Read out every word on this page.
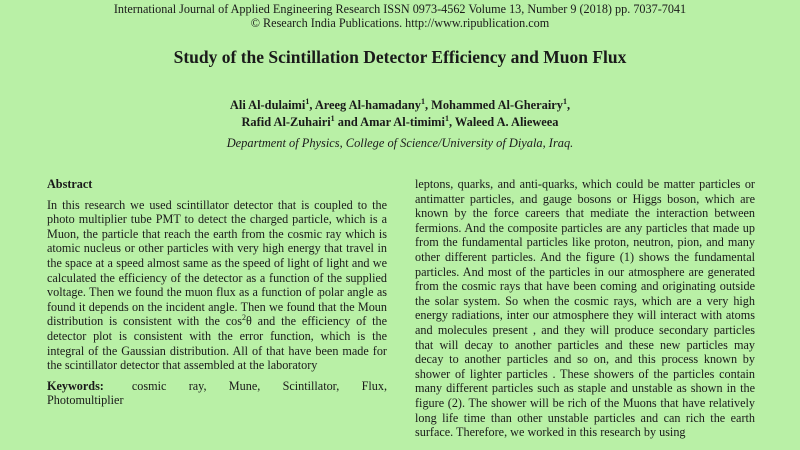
International Journal of Applied Engineering Research ISSN 0973-4562 Volume 13, Number 9 (2018) pp. 7037-7041
© Research India Publications. http://www.ripublication.com
Study of the Scintillation Detector Efficiency and Muon Flux
Ali Al-dulaimi$^1$, Areeg Al-hamadany$^1$, Mohammed Al-Gherairy$^1$,
Rafid Al-Zuhairi$^1$ and Amar Al-timimi$^1$, Waleed A. Alieweea
Department of Physics, College of Science/University of Diyala, Iraq.
Abstract
In this research we used scintillator detector that is coupled to the photo multiplier tube PMT to detect the charged particle, which is a Muon, the particle that reach the earth from the cosmic ray which is atomic nucleus or other particles with very high energy that travel in the space at a speed almost same as the speed of light of light and we calculated the efficiency of the detector as a function of the supplied voltage. Then we found the muon flux as a function of polar angle as found it depends on the incident angle. Then we found that the Moun distribution is consistent with the $\cos^2\theta$ and the efficiency of the detector plot is consistent with the error function, which is the integral of the Gaussian distribution. All of that have been made for the scintillator detector that assembled at the laboratory
Keywords: cosmic ray, Mune, Scintillator, Flux, Photomultiplier
leptons, quarks, and anti-quarks, which could be matter particles or antimatter particles, and gauge bosons or Higgs boson, which are known by the force careers that mediate the interaction between fermions. And the composite particles are any particles that made up from the fundamental particles like proton, neutron, pion, and many other different particles. And the figure (1) shows the fundamental particles. And most of the particles in our atmosphere are generated from the cosmic rays that have been coming and originating outside the solar system. So when the cosmic rays, which are a very high energy radiations, inter our atmosphere they will interact with atoms and molecules present , and they will produce secondary particles that will decay to another particles and these new particles may decay to another particles and so on, and this process known by shower of lighter particles . These showers of the particles contain many different particles such as staple and unstable as shown in the figure (2). The shower will be rich of the Muons that have relatively long life time than other unstable particles and can rich the earth surface. Therefore, we worked in this research by using
